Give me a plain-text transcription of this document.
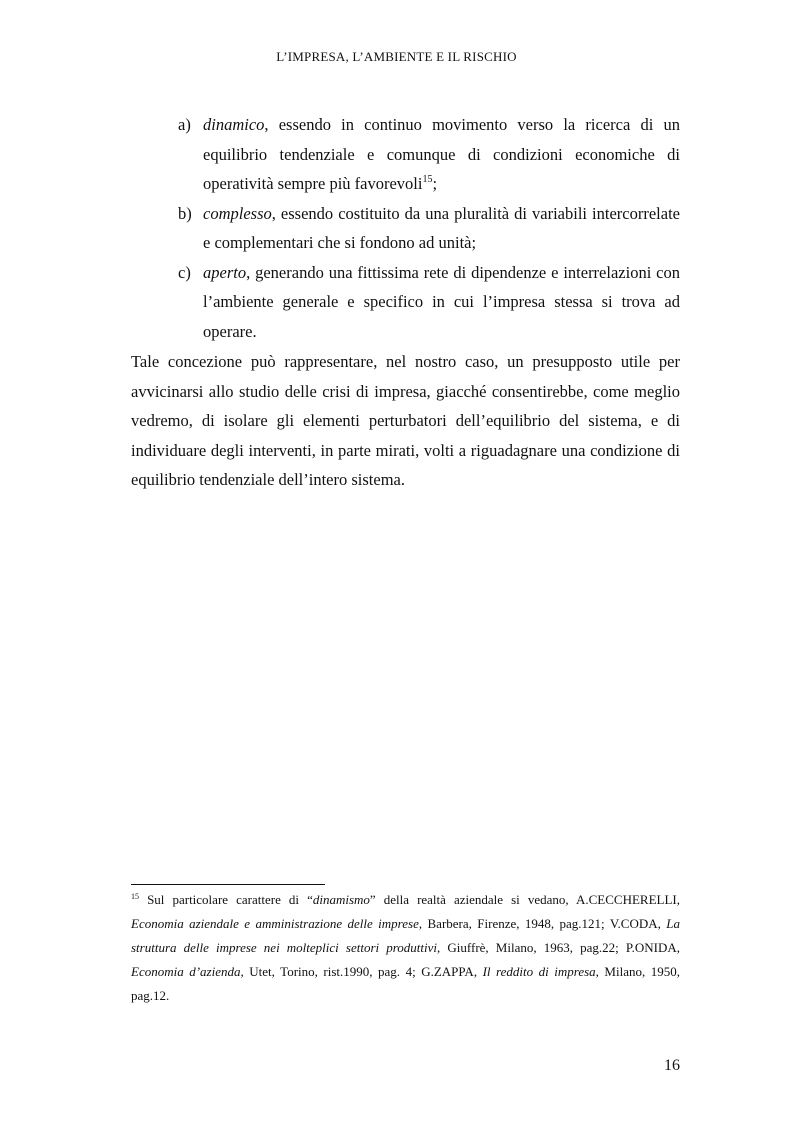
L’IMPRESA, L’AMBIENTE E IL RISCHIO

a) dinamico, essendo in continuo movimento verso la ricerca di un equilibrio tendenziale e comunque di condizioni economiche di operatività sempre più favorevoli$^{15}$;

b) complesso, essendo costituito da una pluralità di variabili intercorrelate e complementari che si fondono ad unità;

c) aperto, generando una fittissima rete di dipendenze e interrelazioni con l’ambiente generale e specifico in cui l’impresa stessa si trova ad operare.

Tale concezione può rappresentare, nel nostro caso, un presupposto utile per avvicinarsi allo studio delle crisi di impresa, giacché consentirebbe, come meglio vedremo, di isolare gli elementi perturbatori dell’equilibrio del sistema, e di individuare degli interventi, in parte mirati, volti a riguadagnare una condizione di equilibrio tendenziale dell’intero sistema.

$^{15}$ Sul particolare carattere di “dinamismo” della realtà aziendale si vedano, A.CECCHERELLI, Economia aziendale e amministrazione delle imprese, Barbera, Firenze, 1948, pag.121; V.CODA, La struttura delle imprese nei molteplici settori produttivi, Giuffrè, Milano, 1963, pag.22; P.ONIDA, Economia d’azienda, Utet, Torino, rist.1990, pag. 4; G.ZAPPA, Il reddito di impresa, Milano, 1950, pag.12.

16
